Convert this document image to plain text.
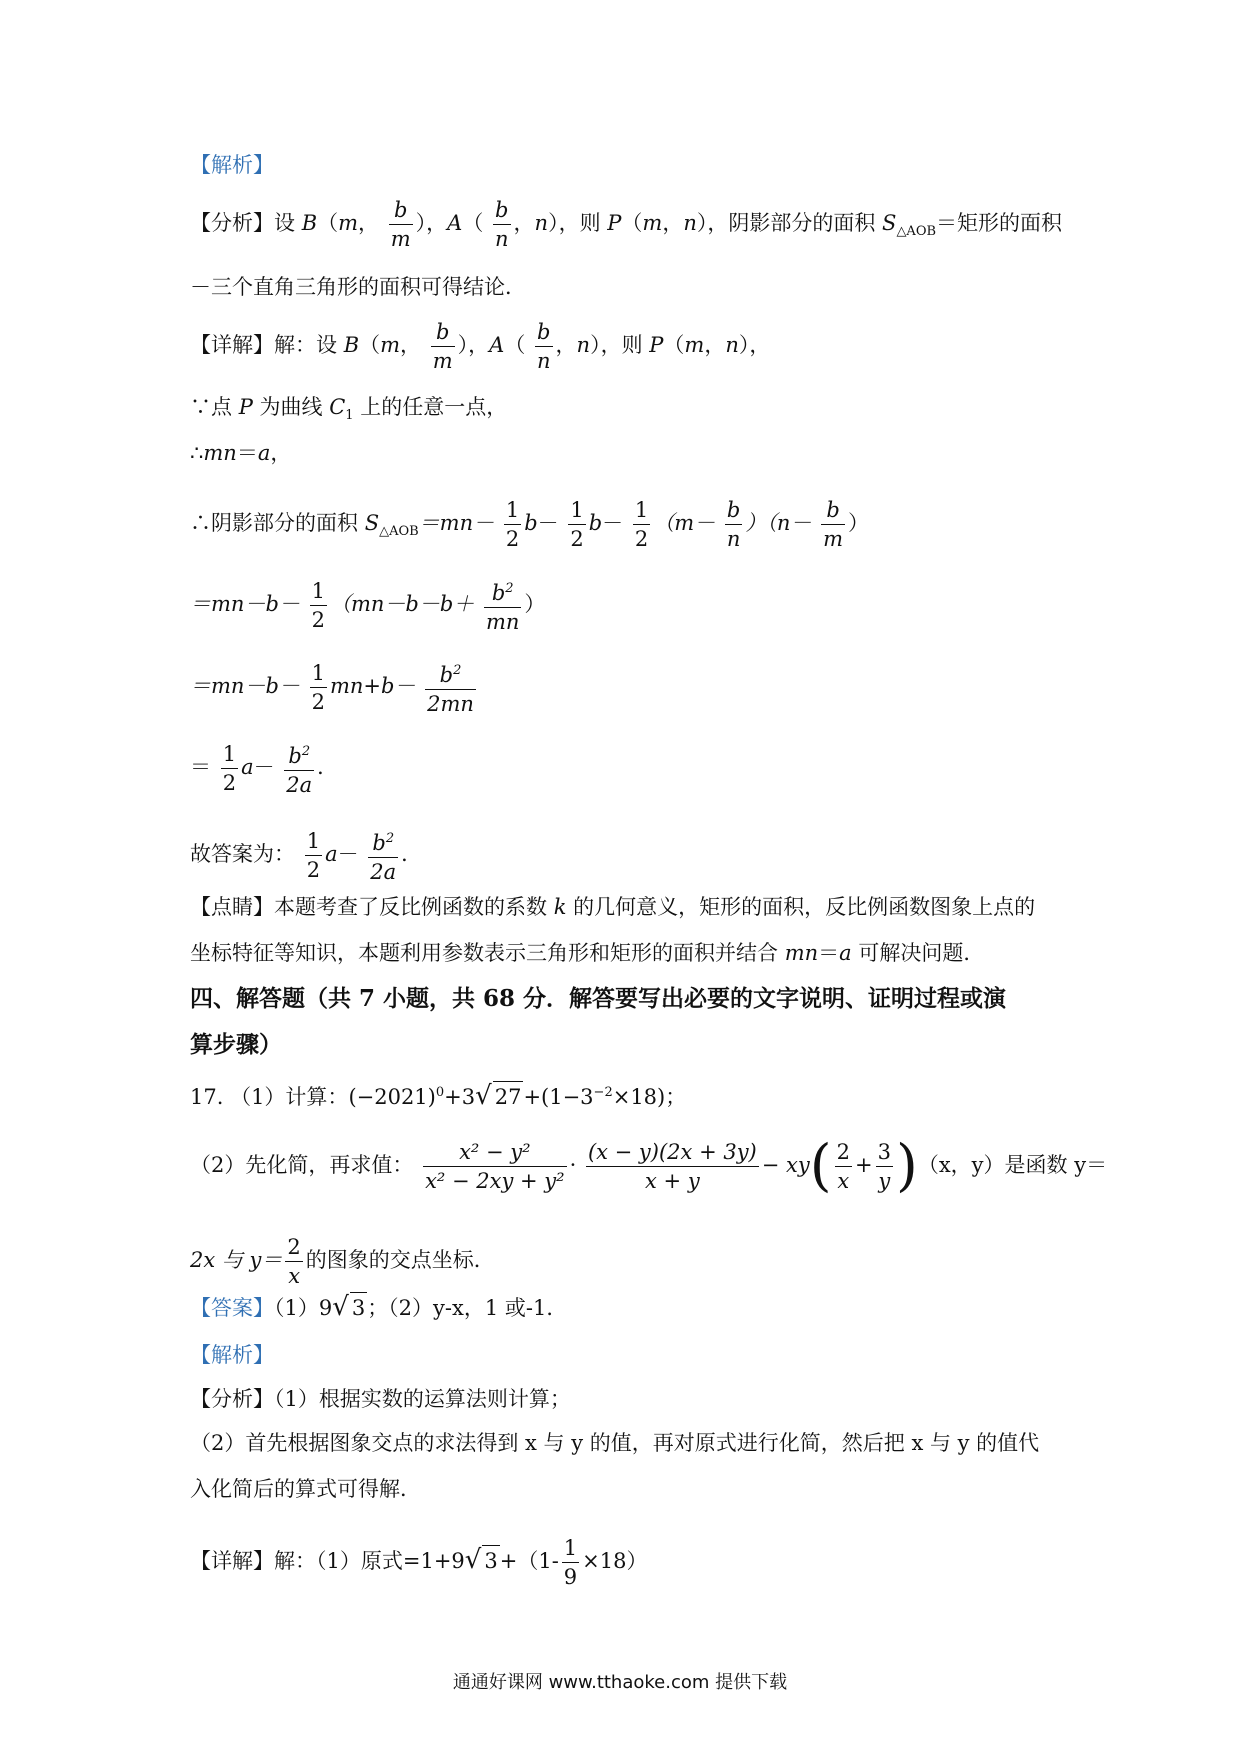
【解析】
【分析】设 B（m， $\frac{b}{m}$ ），$A( \frac{b}{n}$ ，n），则 P（m，n），阴影部分的面积 $S_{\triangle AOB}=$矩形的面积
－三个直角三角形的面积可得结论．
【详解】解：设 B（m， $\frac{b}{m}$ ），$A( \frac{b}{n}$ ，n），则 P（m，n），
∵点 P 为曲线 $C_1$ 上的任意一点，
∴mn＝a，
∴阴影部分的面积 $S_{\triangle AOB}=mn- \frac{1}{2} b- \frac{1}{2} b- \frac{1}{2} (m- \frac{b}{n} )(n- \frac{b}{m}$ ）
$=mn-b- \frac{1}{2} (mn-b-b+ \frac{b^2}{mn}$ ）
$=mn-b- \frac{1}{2} mn+b- \frac{b^2}{2mn}$
＝ $\frac{1}{2} a- \frac{b^2}{2a}$ ．
故答案为： $\frac{1}{2} a- \frac{b^2}{2a}$ ．
【点睛】本题考查了反比例函数的系数 k 的几何意义，矩形的面积，反比例函数图象上点的
坐标特征等知识，本题利用参数表示三角形和矩形的面积并结合 mn＝a 可解决问题．
四、解答题（共 7 小题，共 68 分．解答要写出必要的文字说明、证明过程或演
算步骤）
17. （1）计算：$(-2021)^0+3√$ $27+(1-3^{-2}\times 18)$；
（2）先化简，再求值： $\frac{\text{x² − y²}}{\text{x² − 2xy + y²}} \cdot \frac{(x - y)(2x + 3y)}{x + y} - xy( \frac{2}{x} + \frac{3}{y} )(x$，y）是函数 y＝
2x 与 $y= \frac{2}{x}$ 的图象的交点坐标．
【答案】（1）9√ 3；（2）y-x，1 或-1．
【解析】
【分析】（1）根据实数的运算法则计算；
（2）首先根据图象交点的求法得到 x 与 y 的值，再对原式进行化简，然后把 x 与 y 的值代
入化简后的算式可得解．
【详解】解：（1）原式=1+9√ $3+(1- \frac{1}{9} \times 18)$
通通好课网 www.tthaoke.com 提供下载
